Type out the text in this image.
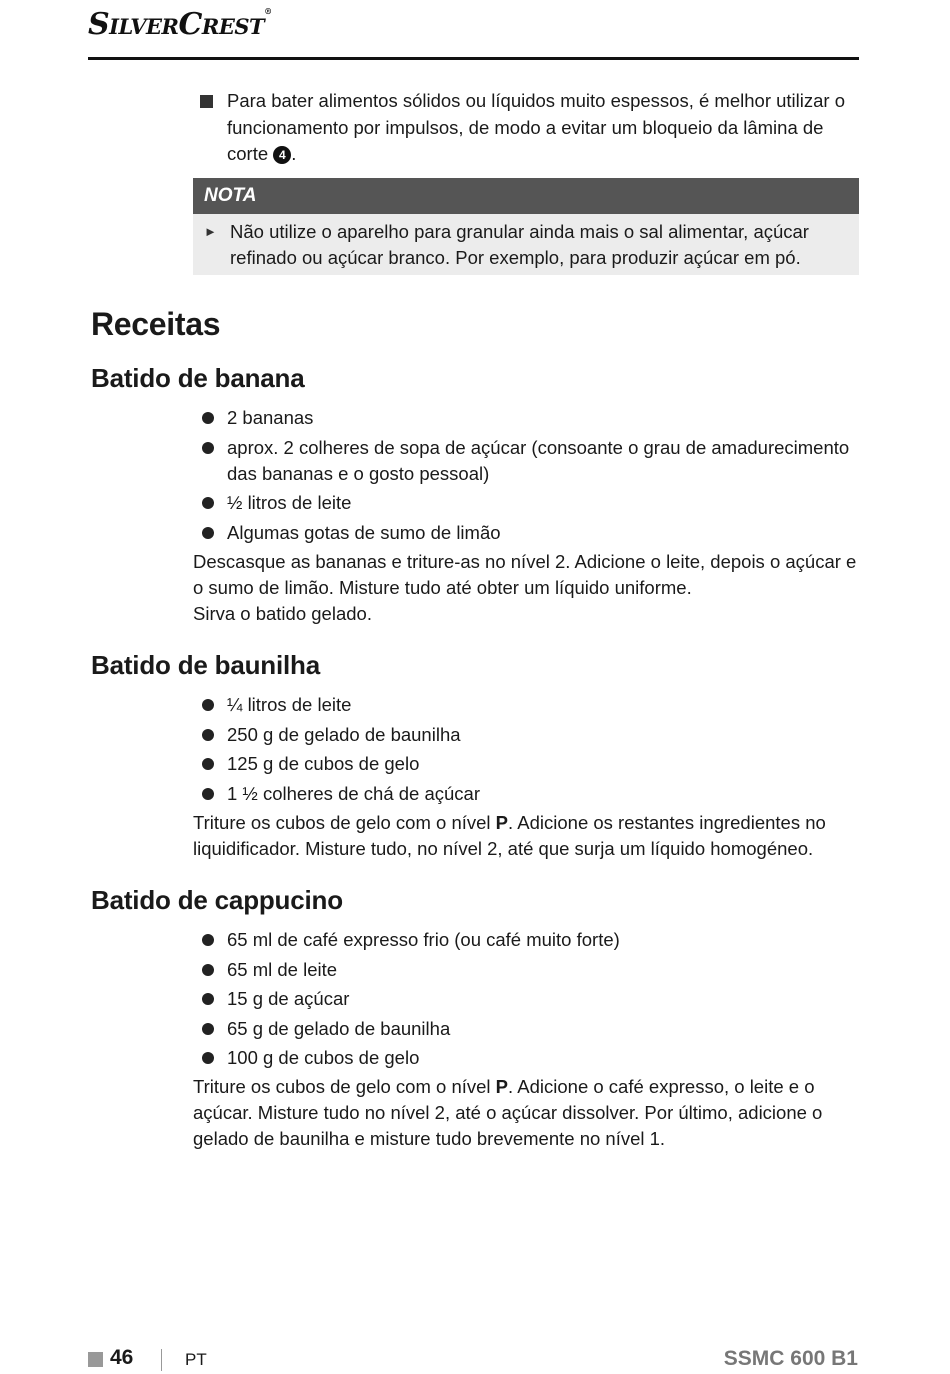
SilverCrest®
Para bater alimentos sólidos ou líquidos muito espessos, é melhor utilizar o funcionamento por impulsos, de modo a evitar um bloqueio da lâmina de corte 4 .
NOTA
► Não utilize o aparelho para granular ainda mais o sal alimentar, açúcar refinado ou açúcar branco. Por exemplo, para produzir açúcar em pó.
Receitas
Batido de banana
2 bananas
aprox. 2 colheres de sopa de açúcar (consoante o grau de amadurecimento das bananas e o gosto pessoal)
½ litros de leite
Algumas gotas de sumo de limão

Descasque as bananas e triture-as no nível 2. Adicione o leite, depois o açúcar e o sumo de limão. Misture tudo até obter um líquido uniforme.

Sirva o batido gelado.

Batido de baunilha
¼ litros de leite
250 g de gelado de baunilha
125 g de cubos de gelo
1 ½ colheres de chá de açúcar

Triture os cubos de gelo com o nível P. Adicione os restantes ingredientes no liquidificador. Misture tudo, no nível 2, até que surja um líquido homogéneo.

Batido de cappucino
65 ml de café expresso frio (ou café muito forte)
65 ml de leite
15 g de açúcar
65 g de gelado de baunilha
100 g de cubos de gelo

Triture os cubos de gelo com o nível P. Adicione o café expresso, o leite e o açúcar. Misture tudo no nível 2, até o açúcar dissolver. Por último, adicione o gelado de baunilha e misture tudo brevemente no nível 1.

46	PT	SSMC 600 B1
